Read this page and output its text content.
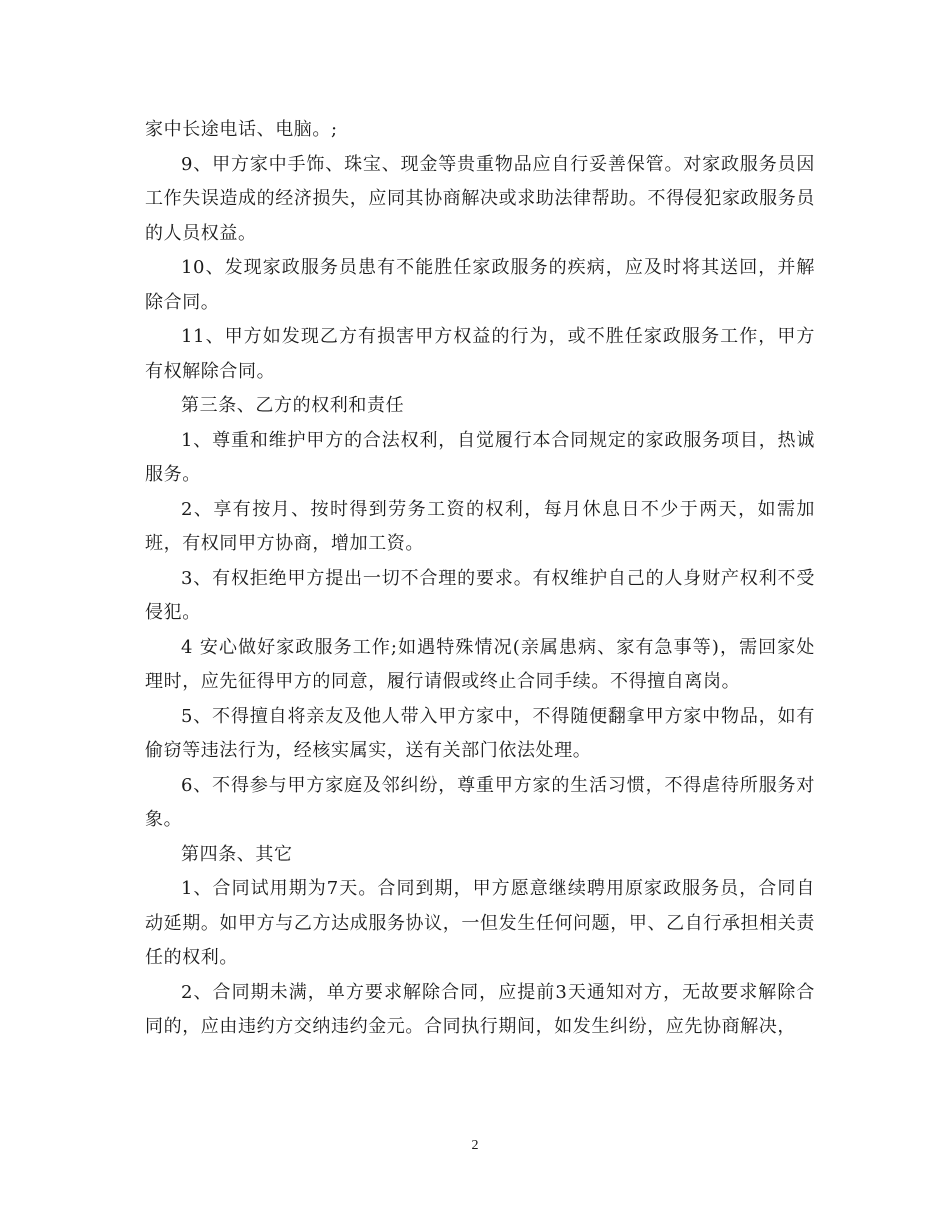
家中长途电话、电脑。;

9、甲方家中手饰、珠宝、现金等贵重物品应自行妥善保管。对家政服务员因工作失误造成的经济损失，应同其协商解决或求助法律帮助。不得侵犯家政服务员的人员权益。

10、发现家政服务员患有不能胜任家政服务的疾病，应及时将其送回，并解除合同。

11、甲方如发现乙方有损害甲方权益的行为，或不胜任家政服务工作，甲方有权解除合同。

第三条、乙方的权利和责任

1、尊重和维护甲方的合法权利，自觉履行本合同规定的家政服务项目，热诚服务。

2、享有按月、按时得到劳务工资的权利，每月休息日不少于两天，如需加班，有权同甲方协商，增加工资。

3、有权拒绝甲方提出一切不合理的要求。有权维护自己的人身财产权利不受侵犯。

4 安心做好家政服务工作;如遇特殊情况(亲属患病、家有急事等)，需回家处理时，应先征得甲方的同意，履行请假或终止合同手续。不得擅自离岗。

5、不得擅自将亲友及他人带入甲方家中，不得随便翻拿甲方家中物品，如有偷窃等违法行为，经核实属实，送有关部门依法处理。

6、不得参与甲方家庭及邻纠纷，尊重甲方家的生活习惯，不得虐待所服务对象。

第四条、其它

1、合同试用期为7天。合同到期，甲方愿意继续聘用原家政服务员，合同自动延期。如甲方与乙方达成服务协议，一但发生任何问题，甲、乙自行承担相关责任的权利。

2、合同期未满，单方要求解除合同，应提前3天通知对方，无故要求解除合同的，应由违约方交纳违约金元。合同执行期间，如发生纠纷，应先协商解决，

2
